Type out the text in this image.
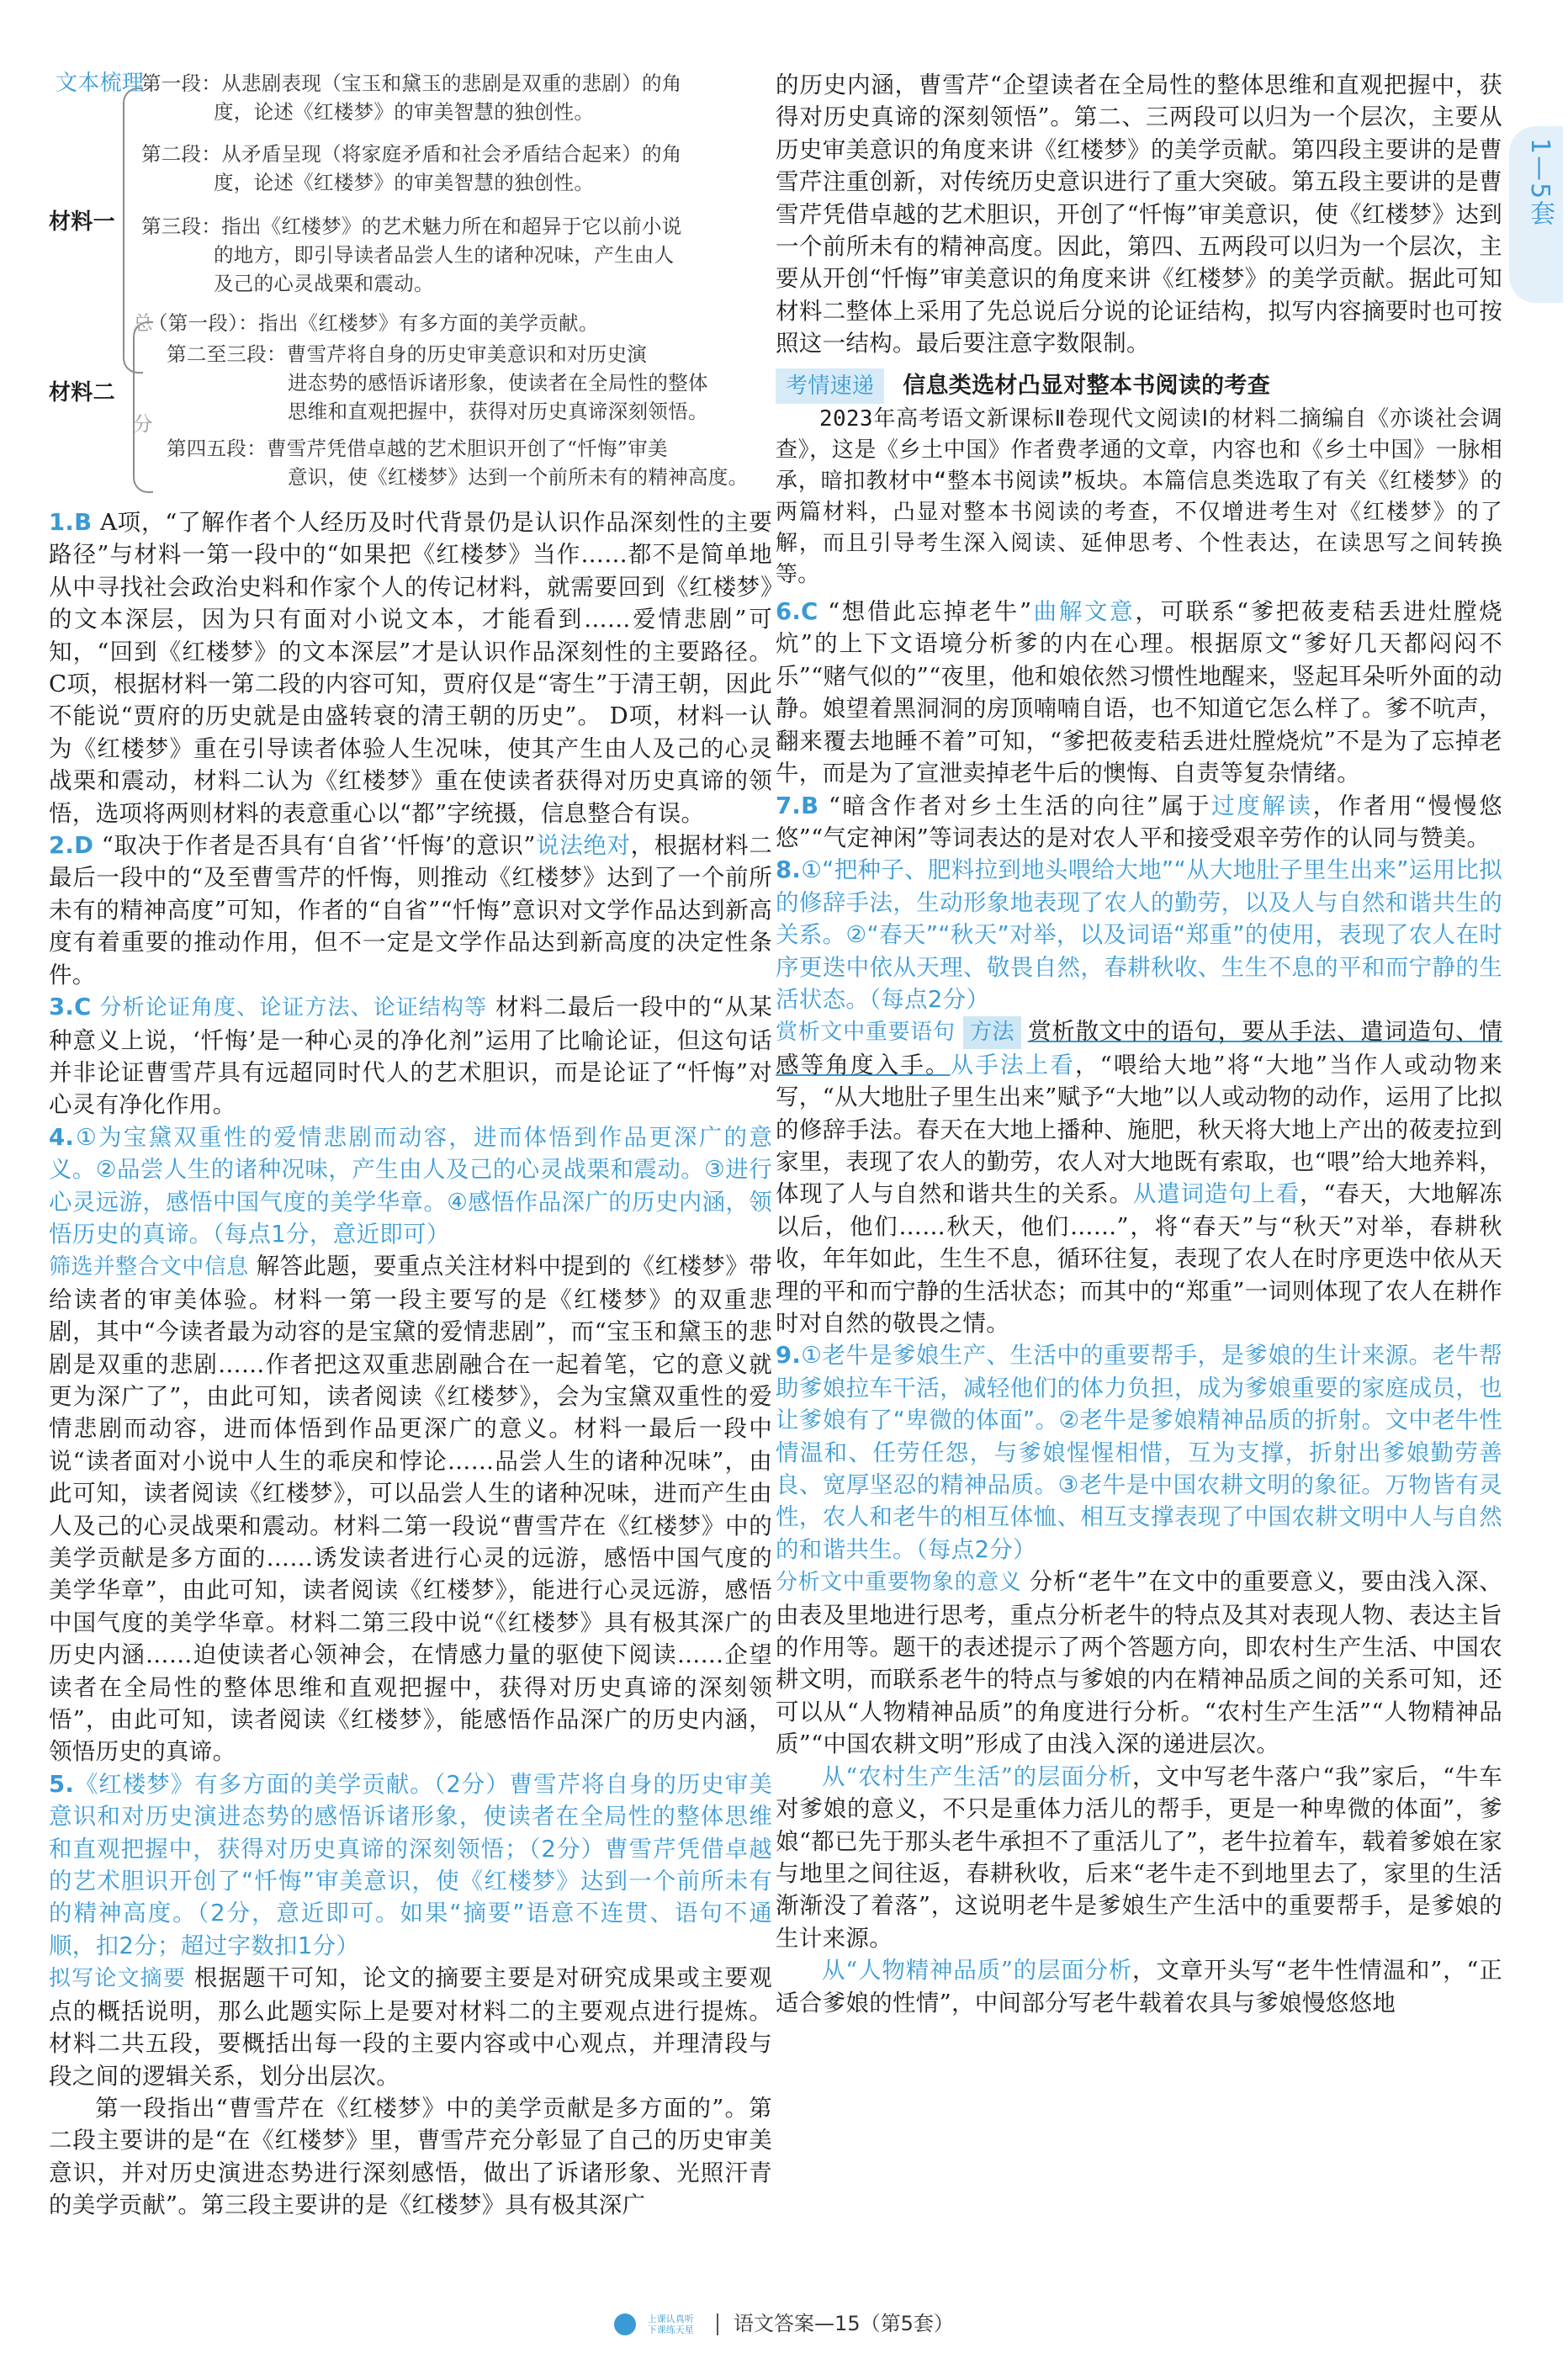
1—5套
文本梳理
材料一
第一段：从悲剧表现（宝玉和黛玉的悲剧是双重的悲剧）的角
度，论述《红楼梦》的审美智慧的独创性。
第二段：从矛盾呈现（将家庭矛盾和社会矛盾结合起来）的角
度，论述《红楼梦》的审美智慧的独创性。
第三段：指出《红楼梦》的艺术魅力所在和超异于它以前小说
的地方，即引导读者品尝人生的诸种况味，产生由人
及己的心灵战栗和震动。
材料二
总
（第一段）：指出《红楼梦》有多方面的美学贡献。
第二至三段：曹雪芹将自身的历史审美意识和对历史演
进态势的感悟诉诸形象，使读者在全局性的整体
思维和直观把握中，获得对历史真谛深刻领悟。
分
第四五段：曹雪芹凭借卓越的艺术胆识开创了“忏悔”审美
意识，使《红楼梦》达到一个前所未有的精神高度。

1.B A项，“了解作者个人经历及时代背景仍是认识作品深刻性的主要路径”与材料一第一段中的“如果把《红楼梦》当作……都不是简单地从中寻找社会政治史料和作家个人的传记材料，就需要回到《红楼梦》的文本深层，因为只有面对小说文本，才能看到……爱情悲剧”可知，“回到《红楼梦》的文本深层”才是认识作品深刻性的主要路径。 C项，根据材料一第二段的内容可知，贾府仅是“寄生”于清王朝，因此不能说“贾府的历史就是由盛转衰的清王朝的历史”。 D项，材料一认为《红楼梦》重在引导读者体验人生况味，使其产生由人及己的心灵战栗和震动，材料二认为《红楼梦》重在使读者获得对历史真谛的领悟，选项将两则材料的表意重心以“都”字统摄，信息整合有误。

2.D “取决于作者是否具有‘自省’‘忏悔’的意识”说法绝对，根据材料二最后一段中的“及至曹雪芹的忏悔，则推动《红楼梦》达到了一个前所未有的精神高度”可知，作者的“自省”“忏悔”意识对文学作品达到新高度有着重要的推动作用，但不一定是文学作品达到新高度的决定性条件。

3.C 分析论证角度、论证方法、论证结构等 材料二最后一段中的“从某种意义上说，‘忏悔’是一种心灵的净化剂”运用了比喻论证，但这句话并非论证曹雪芹具有远超同时代人的艺术胆识，而是论证了“忏悔”对心灵有净化作用。

4.①为宝黛双重性的爱情悲剧而动容，进而体悟到作品更深广的意义。②品尝人生的诸种况味，产生由人及己的心灵战栗和震动。③进行心灵远游，感悟中国气度的美学华章。④感悟作品深广的历史内涵，领悟历史的真谛。（每点1分，意近即可）

筛选并整合文中信息 解答此题，要重点关注材料中提到的《红楼梦》带给读者的审美体验。材料一第一段主要写的是《红楼梦》的双重悲剧，其中“今读者最为动容的是宝黛的爱情悲剧”，而“宝玉和黛玉的悲剧是双重的悲剧……作者把这双重悲剧融合在一起着笔，它的意义就更为深广了”，由此可知，读者阅读《红楼梦》，会为宝黛双重性的爱情悲剧而动容，进而体悟到作品更深广的意义。材料一最后一段中说“读者面对小说中人生的乖戾和悖论……品尝人生的诸种况味”，由此可知，读者阅读《红楼梦》，可以品尝人生的诸种况味，进而产生由人及己的心灵战栗和震动。材料二第一段说“曹雪芹在《红楼梦》中的美学贡献是多方面的……诱发读者进行心灵的远游，感悟中国气度的美学华章”，由此可知，读者阅读《红楼梦》，能进行心灵远游，感悟中国气度的美学华章。材料二第三段中说“《红楼梦》具有极其深广的历史内涵……迫使读者心领神会，在情感力量的驱使下阅读……企望读者在全局性的整体思维和直观把握中，获得对历史真谛的深刻领悟”，由此可知，读者阅读《红楼梦》，能感悟作品深广的历史内涵，领悟历史的真谛。

5.《红楼梦》有多方面的美学贡献。（2分）曹雪芹将自身的历史审美意识和对历史演进态势的感悟诉诸形象，使读者在全局性的整体思维和直观把握中，获得对历史真谛的深刻领悟；（2分）曹雪芹凭借卓越的艺术胆识开创了“忏悔”审美意识，使《红楼梦》达到一个前所未有的精神高度。（2分，意近即可。如果“摘要”语意不连贯、语句不通顺，扣2分；超过字数扣1分）

拟写论文摘要 根据题干可知，论文的摘要主要是对研究成果或主要观点的概括说明，那么此题实际上是要对材料二的主要观点进行提炼。材料二共五段，要概括出每一段的主要内容或中心观点，并理清段与段之间的逻辑关系，划分出层次。

第一段指出“曹雪芹在《红楼梦》中的美学贡献是多方面的”。第二段主要讲的是“在《红楼梦》里，曹雪芹充分彰显了自己的历史审美意识，并对历史演进态势进行深刻感悟，做出了诉诸形象、光照汗青的美学贡献”。第三段主要讲的是《红楼梦》具有极其深广

的历史内涵，曹雪芹“企望读者在全局性的整体思维和直观把握中，获得对历史真谛的深刻领悟”。第二、三两段可以归为一个层次，主要从历史审美意识的角度来讲《红楼梦》的美学贡献。第四段主要讲的是曹雪芹注重创新，对传统历史意识进行了重大突破。第五段主要讲的是曹雪芹凭借卓越的艺术胆识，开创了“忏悔”审美意识，使《红楼梦》达到一个前所未有的精神高度。因此，第四、五两段可以归为一个层次，主要从开创“忏悔”审美意识的角度来讲《红楼梦》的美学贡献。据此可知材料二整体上采用了先总说后分说的论证结构，拟写内容摘要时也可按照这一结构。最后要注意字数限制。

考情速递	信息类选材凸显对整本书阅读的考查

2023年高考语文新课标Ⅱ卷现代文阅读Ⅰ的材料二摘编自《亦谈社会调查》，这是《乡土中国》作者费孝通的文章，内容也和《乡土中国》一脉相承，暗扣教材中“整本书阅读”板块。本篇信息类选取了有关《红楼梦》的两篇材料，凸显对整本书阅读的考查，不仅增进考生对《红楼梦》的了解，而且引导考生深入阅读、延伸思考、个性表达，在读思写之间转换等。

6.C “想借此忘掉老牛”曲解文意，可联系“爹把莜麦秸丢进灶膛烧炕”的上下文语境分析爹的内在心理。根据原文“爹好几天都闷闷不乐”“赌气似的”“夜里，他和娘依然习惯性地醒来，竖起耳朵听外面的动静。娘望着黑洞洞的房顶喃喃自语，也不知道它怎么样了。爹不吭声，翻来覆去地睡不着”可知，“爹把莜麦秸丢进灶膛烧炕”不是为了忘掉老牛，而是为了宣泄卖掉老牛后的懊悔、自责等复杂情绪。

7.B “暗含作者对乡土生活的向往”属于过度解读，作者用“慢慢悠悠”“气定神闲”等词表达的是对农人平和接受艰辛劳作的认同与赞美。

8.①“把种子、肥料拉到地头喂给大地”“从大地肚子里生出来”运用比拟的修辞手法，生动形象地表现了农人的勤劳，以及人与自然和谐共生的关系。②“春天”“秋天”对举，以及词语“郑重”的使用，表现了农人在时序更迭中依从天理、敬畏自然，春耕秋收、生生不息的平和而宁静的生活状态。（每点2分）

赏析文中重要语句 方法 赏析散文中的语句，要从手法、遣词造句、情感等角度入手。从手法上看，“喂给大地”将“大地”当作人或动物来写，“从大地肚子里生出来”赋予“大地”以人或动物的动作，运用了比拟的修辞手法。春天在大地上播种、施肥，秋天将大地上产出的莜麦拉到家里，表现了农人的勤劳，农人对大地既有索取，也“喂”给大地养料，体现了人与自然和谐共生的关系。从遣词造句上看，“春天，大地解冻以后，他们……秋天，他们……”，将“春天”与“秋天”对举，春耕秋收，年年如此，生生不息，循环往复，表现了农人在时序更迭中依从天理的平和而宁静的生活状态；而其中的“郑重”一词则体现了农人在耕作时对自然的敬畏之情。

9.①老牛是爹娘生产、生活中的重要帮手，是爹娘的生计来源。老牛帮助爹娘拉车干活，减轻他们的体力负担，成为爹娘重要的家庭成员，也让爹娘有了“卑微的体面”。②老牛是爹娘精神品质的折射。文中老牛性情温和、任劳任怨，与爹娘惺惺相惜，互为支撑，折射出爹娘勤劳善良、宽厚坚忍的精神品质。③老牛是中国农耕文明的象征。万物皆有灵性，农人和老牛的相互体恤、相互支撑表现了中国农耕文明中人与自然的和谐共生。（每点2分）

分析文中重要物象的意义 分析“老牛”在文中的重要意义，要由浅入深、由表及里地进行思考，重点分析老牛的特点及其对表现人物、表达主旨的作用等。题干的表述提示了两个答题方向，即农村生产生活、中国农耕文明，而联系老牛的特点与爹娘的内在精神品质之间的关系可知，还可以从“人物精神品质”的角度进行分析。“农村生产生活”“人物精神品质”“中国农耕文明”形成了由浅入深的递进层次。

从“农村生产生活”的层面分析，文中写老牛落户“我”家后，“牛车对爹娘的意义，不只是重体力活儿的帮手，更是一种卑微的体面”，爹娘“都已先于那头老牛承担不了重活儿了”，老牛拉着车，载着爹娘在家与地里之间往返，春耕秋收，后来“老牛走不到地里去了，家里的生活渐渐没了着落”，这说明老牛是爹娘生产生活中的重要帮手，是爹娘的生计来源。

从“人物精神品质”的层面分析，文章开头写“老牛性情温和”，“正适合爹娘的性情”，中间部分写老牛载着农具与爹娘慢悠悠地

上课认真听
下课练天星 语文答案—15（第5套）
